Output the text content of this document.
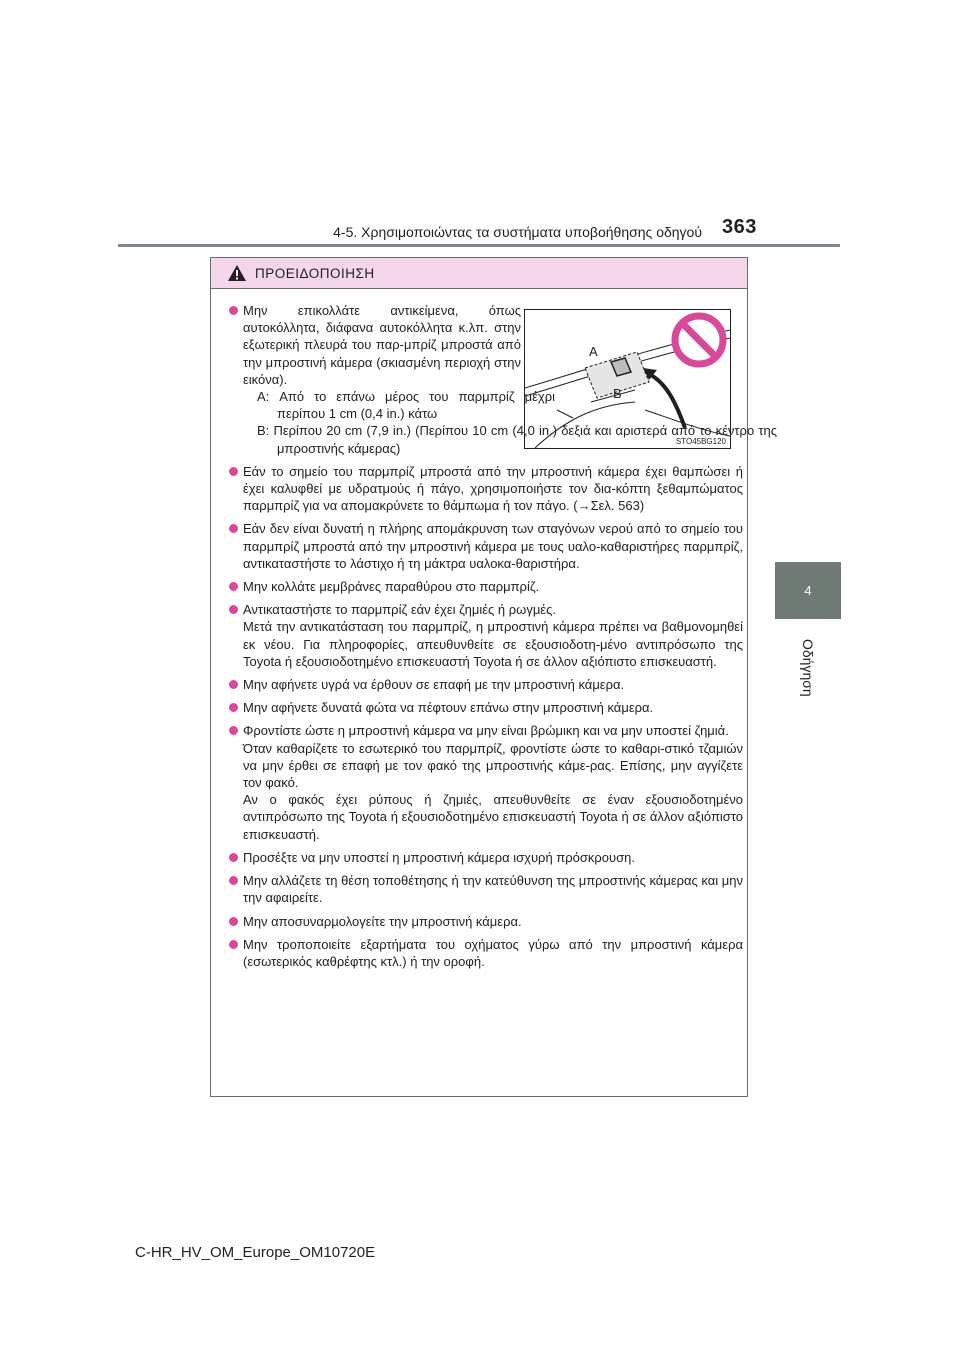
4-5. Χρησιμοποιώντας τα συστήματα υποβοήθησης οδηγού 363
4
Οδήγηση
ΠΡΟΕΙΔΟΠΟΙΗΣΗ
A
B
STO45BG120

Μην επικολλάτε αντικείμενα, όπως αυτοκόλλητα, διάφανα αυτοκόλλητα κ.λπ. στην εξωτερική πλευρά του παρ-μπρίζ μπροστά από την μπροστινή κάμερα (σκιασμένη περιοχή στην εικόνα).

A: Από το επάνω μέρος του παρμπρίζ μέχρι περίπου 1 cm (0,4 in.) κάτω

B: Περίπου 20 cm (7,9 in.) (Περίπου 10 cm (4,0 in.) δεξιά και αριστερά από το κέντρο της μπροστινής κάμερας)

Εάν το σημείο του παρμπρίζ μπροστά από την μπροστινή κάμερα έχει θαμπώσει ή έχει καλυφθεί με υδρατμούς ή πάγο, χρησιμοποιήστε τον δια-κόπτη ξεθαμπώματος παρμπρίζ για να απομακρύνετε το θάμπωμα ή τον πάγο. (→Σελ. 563)

Εάν δεν είναι δυνατή η πλήρης απομάκρυνση των σταγόνων νερού από το σημείο του παρμπρίζ μπροστά από την μπροστινή κάμερα με τους υαλο-καθαριστήρες παρμπρίζ, αντικαταστήστε το λάστιχο ή τη μάκτρα υαλοκα-θαριστήρα.

Μην κολλάτε μεμβράνες παραθύρου στο παρμπρίζ.

Αντικαταστήστε το παρμπρίζ εάν έχει ζημιές ή ρωγμές.

Μετά την αντικατάσταση του παρμπρίζ, η μπροστινή κάμερα πρέπει να βαθμονομηθεί εκ νέου. Για πληροφορίες, απευθυνθείτε σε εξουσιοδοτη-μένο αντιπρόσωπο της Toyota ή εξουσιοδοτημένο επισκευαστή Toyota ή σε άλλον αξιόπιστο επισκευαστή.

Μην αφήνετε υγρά να έρθουν σε επαφή με την μπροστινή κάμερα.

Μην αφήνετε δυνατά φώτα να πέφτουν επάνω στην μπροστινή κάμερα.

Φροντίστε ώστε η μπροστινή κάμερα να μην είναι βρώμικη και να μην υποστεί ζημιά.

Όταν καθαρίζετε το εσωτερικό του παρμπρίζ, φροντίστε ώστε το καθαρι-στικό τζαμιών να μην έρθει σε επαφή με τον φακό της μπροστινής κάμε-ρας. Επίσης, μην αγγίζετε τον φακό.

Αν ο φακός έχει ρύπους ή ζημιές, απευθυνθείτε σε έναν εξουσιοδοτημένο αντιπρόσωπο της Toyota ή εξουσιοδοτημένο επισκευαστή Toyota ή σε άλλον αξιόπιστο επισκευαστή.

Προσέξτε να μην υποστεί η μπροστινή κάμερα ισχυρή πρόσκρουση.

Μην αλλάζετε τη θέση τοποθέτησης ή την κατεύθυνση της μπροστινής κάμερας και μην την αφαιρείτε.

Μην αποσυναρμολογείτε την μπροστινή κάμερα.

Μην τροποποιείτε εξαρτήματα του οχήματος γύρω από την μπροστινή κάμερα (εσωτερικός καθρέφτης κτλ.) ή την οροφή.

C-HR_HV_OM_Europe_OM10720E
